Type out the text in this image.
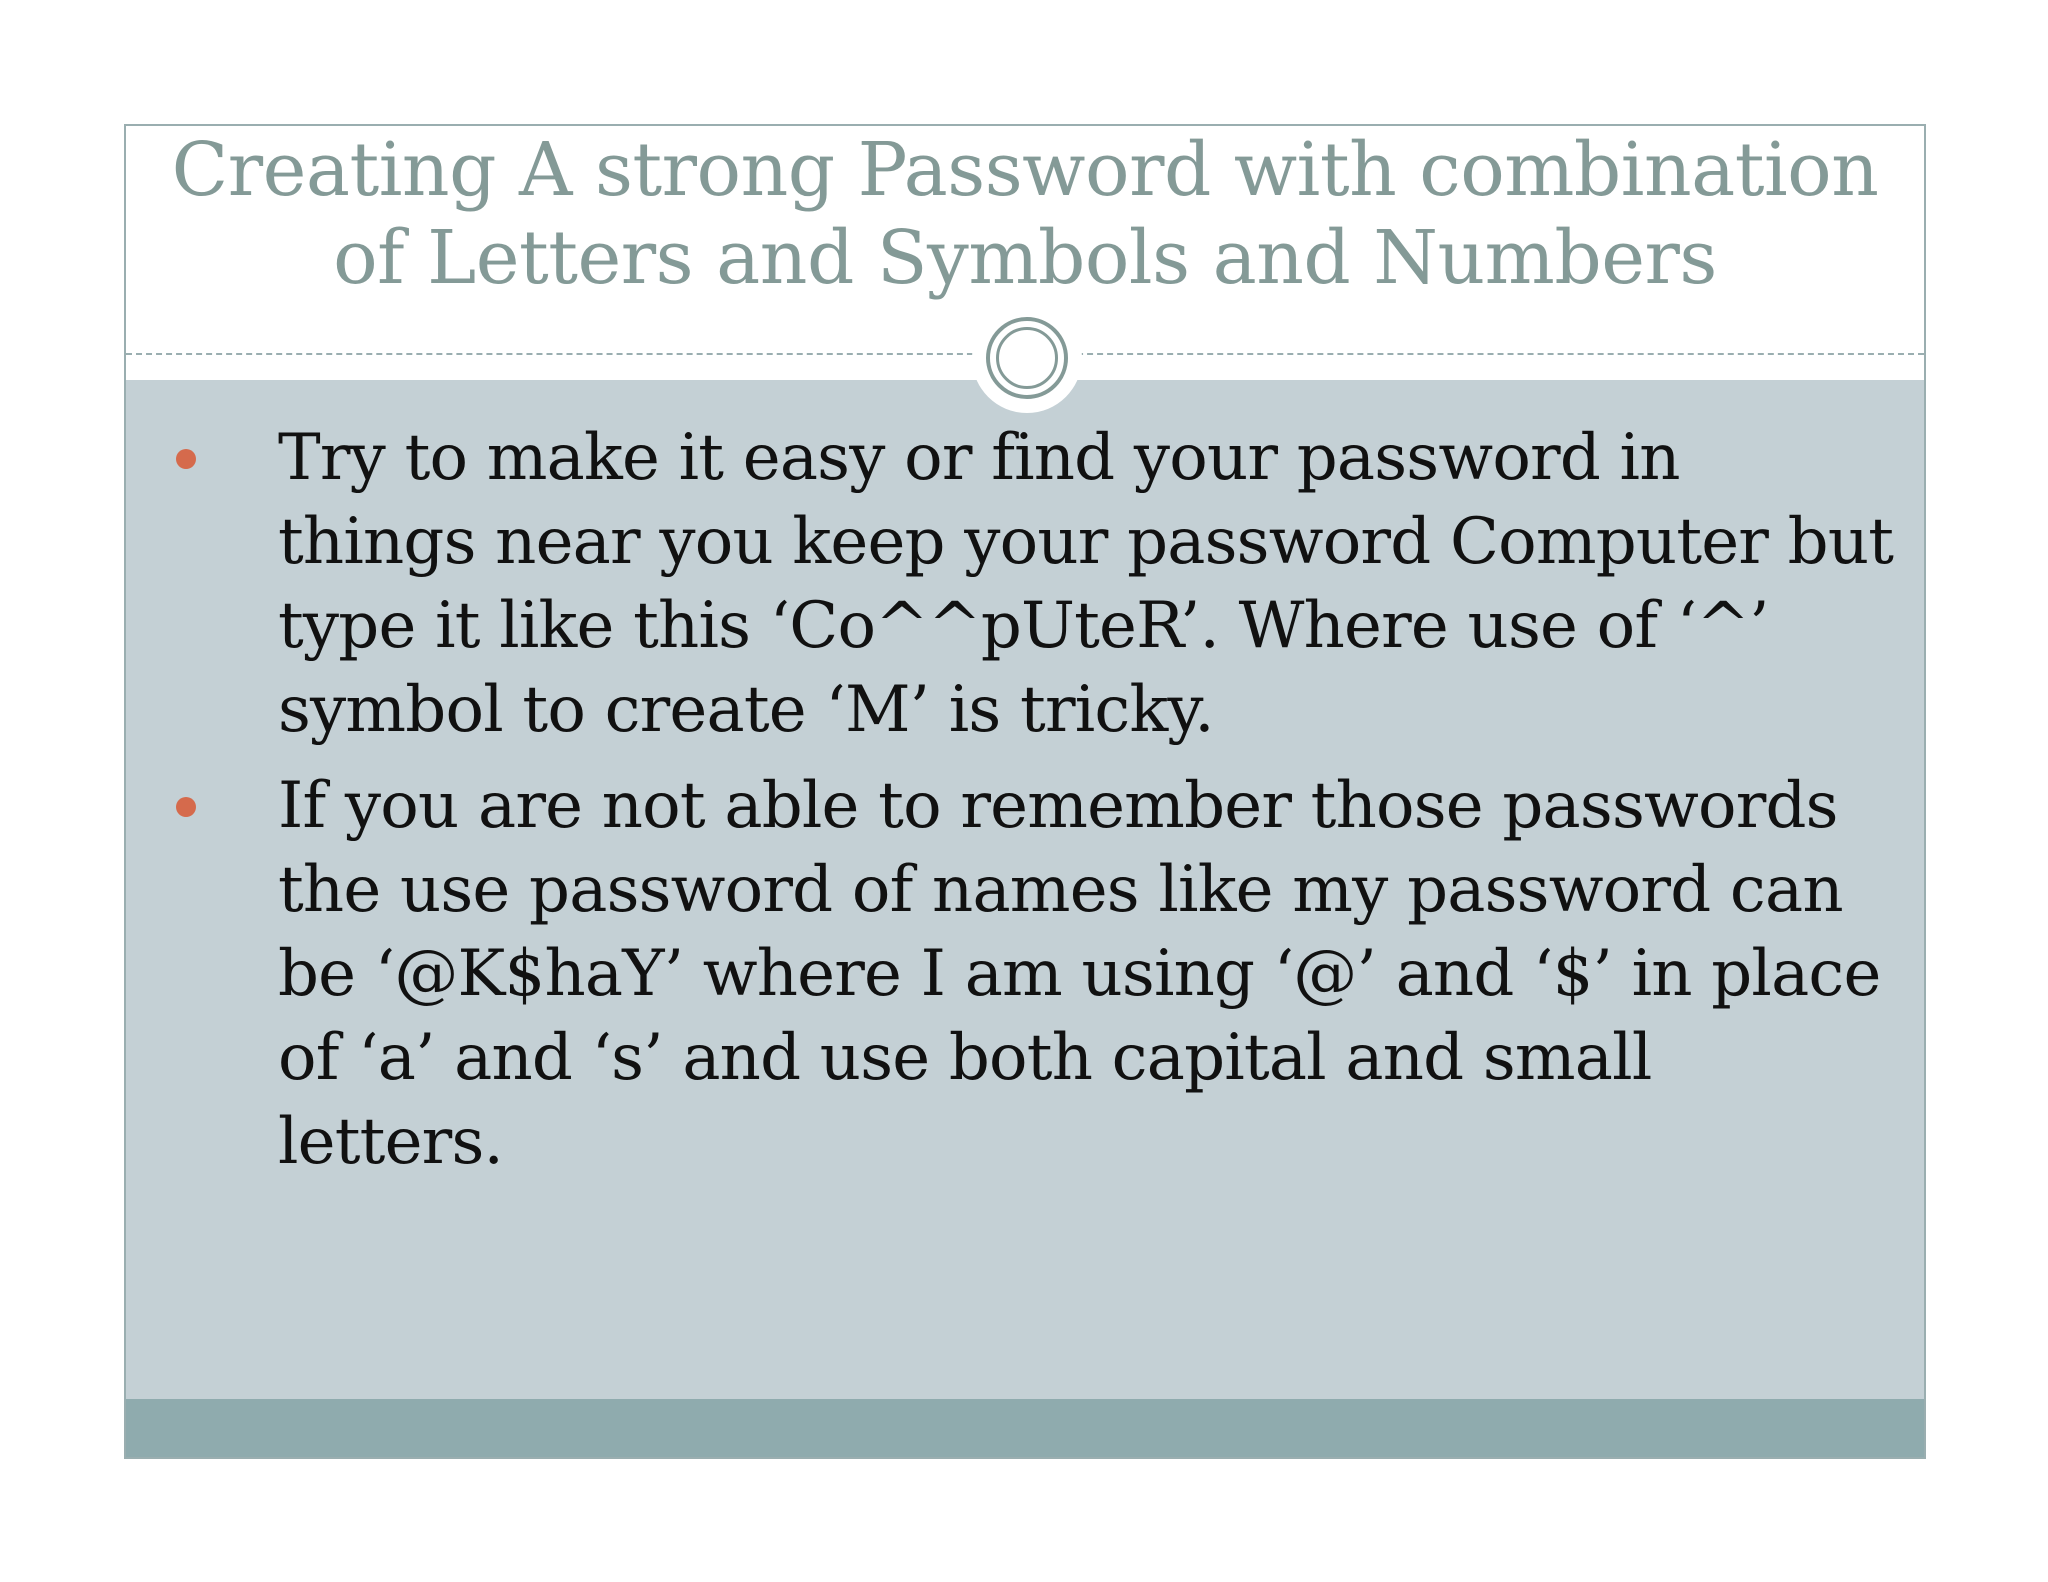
Creating A strong Password with combination of Letters and Symbols and Numbers
Try to make it easy or find your password in things near you keep your password Computer but type it like this ‘Co^^pUteR’. Where use of ‘^’ symbol to create ‘M’ is tricky.
If you are not able to remember those passwords the use password of names like my password can be ‘@K$haY’ where I am using ‘@’ and ‘$’ in place of ‘a’ and ‘s’ and use both capital and small letters.
